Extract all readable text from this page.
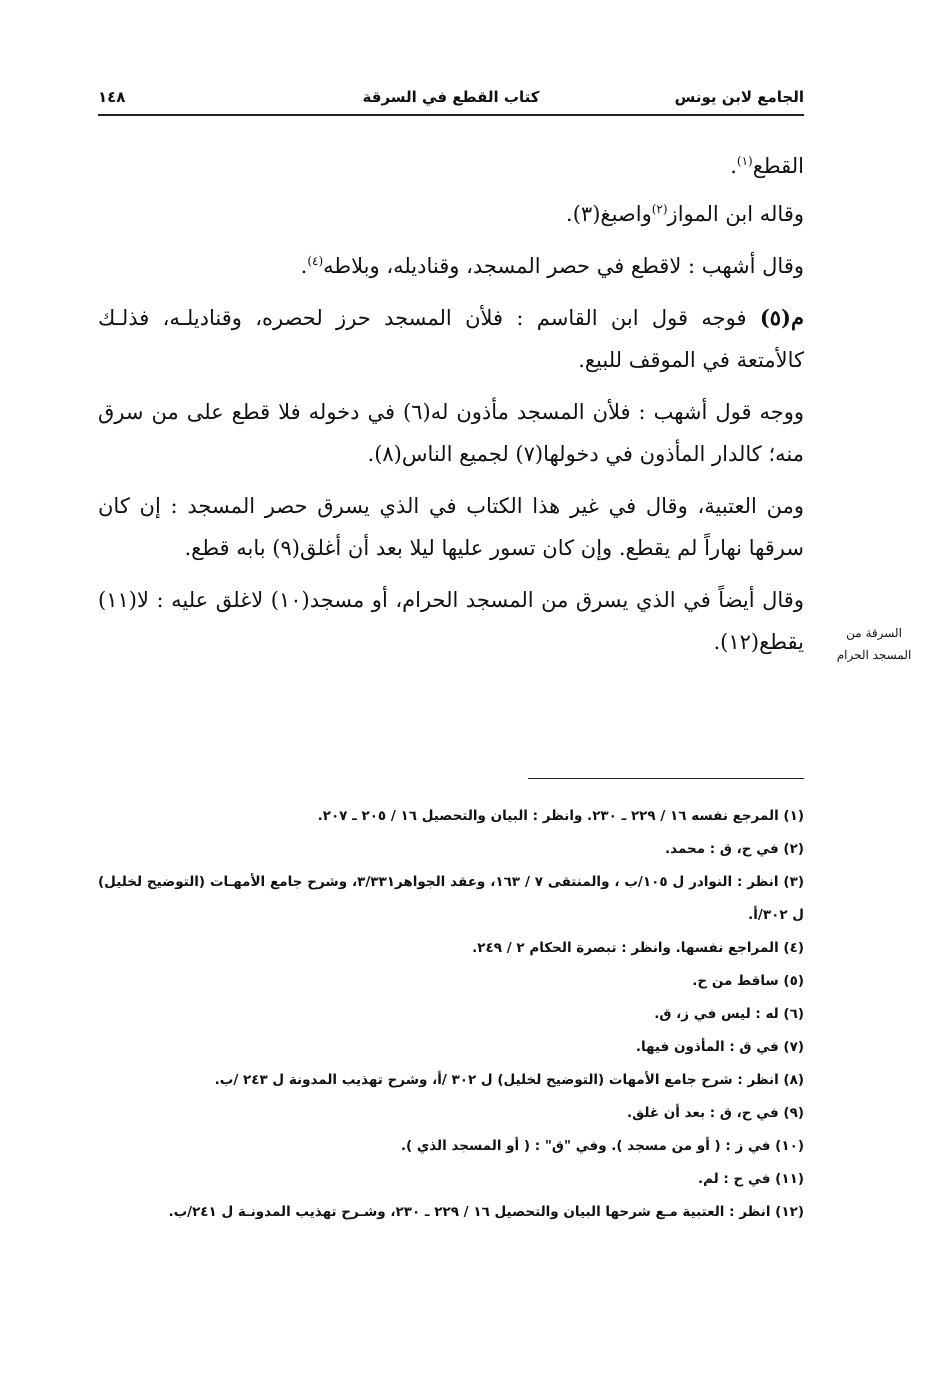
الجامع لابن يونس
كتاب القطع في السرقة
١٤٨

القطع$^{(١)}$.

وقاله ابن المواز$^{(٢)}$واصبغ(٣).

وقال أشهب : لاقطع في حصر المسجد، وقناديله، وبلاطه$^{(٤)}$.

م(٥) فوجه قول ابن القاسم : فلأن المسجد حرز لحصره، وقناديلـه، فذلـك كالأمتعة في الموقف للبيع.

ووجه قول أشهب : فلأن المسجد مأذون له(٦) في دخوله فلا قطع على من سرق منه؛ كالدار المأذون في دخولها(٧) لجميع الناس(٨).

ومن العتبية، وقال في غير هذا الكتاب في الذي يسرق حصر المسجد : إن كان سرقها نهاراً لم يقطع. وإن كان تسور عليها ليلا بعد أن أغلق(٩) بابه قطع.

وقال أيضاً في الذي يسرق من المسجد الحرام، أو مسجد(١٠) لاغلق عليه : لا(١١) يقطع(١٢).	السرقة من
المسجد الحرام

(١) المرجع نفسه ١٦ / ٢٢٩ ـ ٢٣٠. وانظر : البيان والتحصيل ١٦ / ٢٠٥ ـ ٢٠٧.

(٢) في ح، ق : محمد.

(٣) انظر : النوادر ل ١٠٥/ب ، والمنتقى ٧ / ١٦٣، وعقد الجواهر٣/٣٣١، وشرح جامع الأمهـات (التوضيح لخليل) ل ٣٠٢/أ.

(٤) المراجع نفسها. وانظر : تبصرة الحكام ٢ / ٢٤٩.

(٥) ساقط من ح.

(٦) له : ليس في ز، ق.

(٧) في ق : المأذون فيها.

(٨) انظر : شرح جامع الأمهات (التوضيح لخليل) ل ٣٠٢ /أ، وشرح تهذيب المدونة ل ٢٤٣ /ب.

(٩) في ح، ق : بعد أن غلق.

(١٠) في ز : ( أو من مسجد ). وفي "ق" : ( أو المسجد الذي ).

(١١) في ح : لم.

(١٢) انظر : العتبية مـع شرحها البيان والتحصيل ١٦ / ٢٢٩ ـ ٢٣٠، وشـرح تهذيب المدونـة ل ٢٤١/ب.
